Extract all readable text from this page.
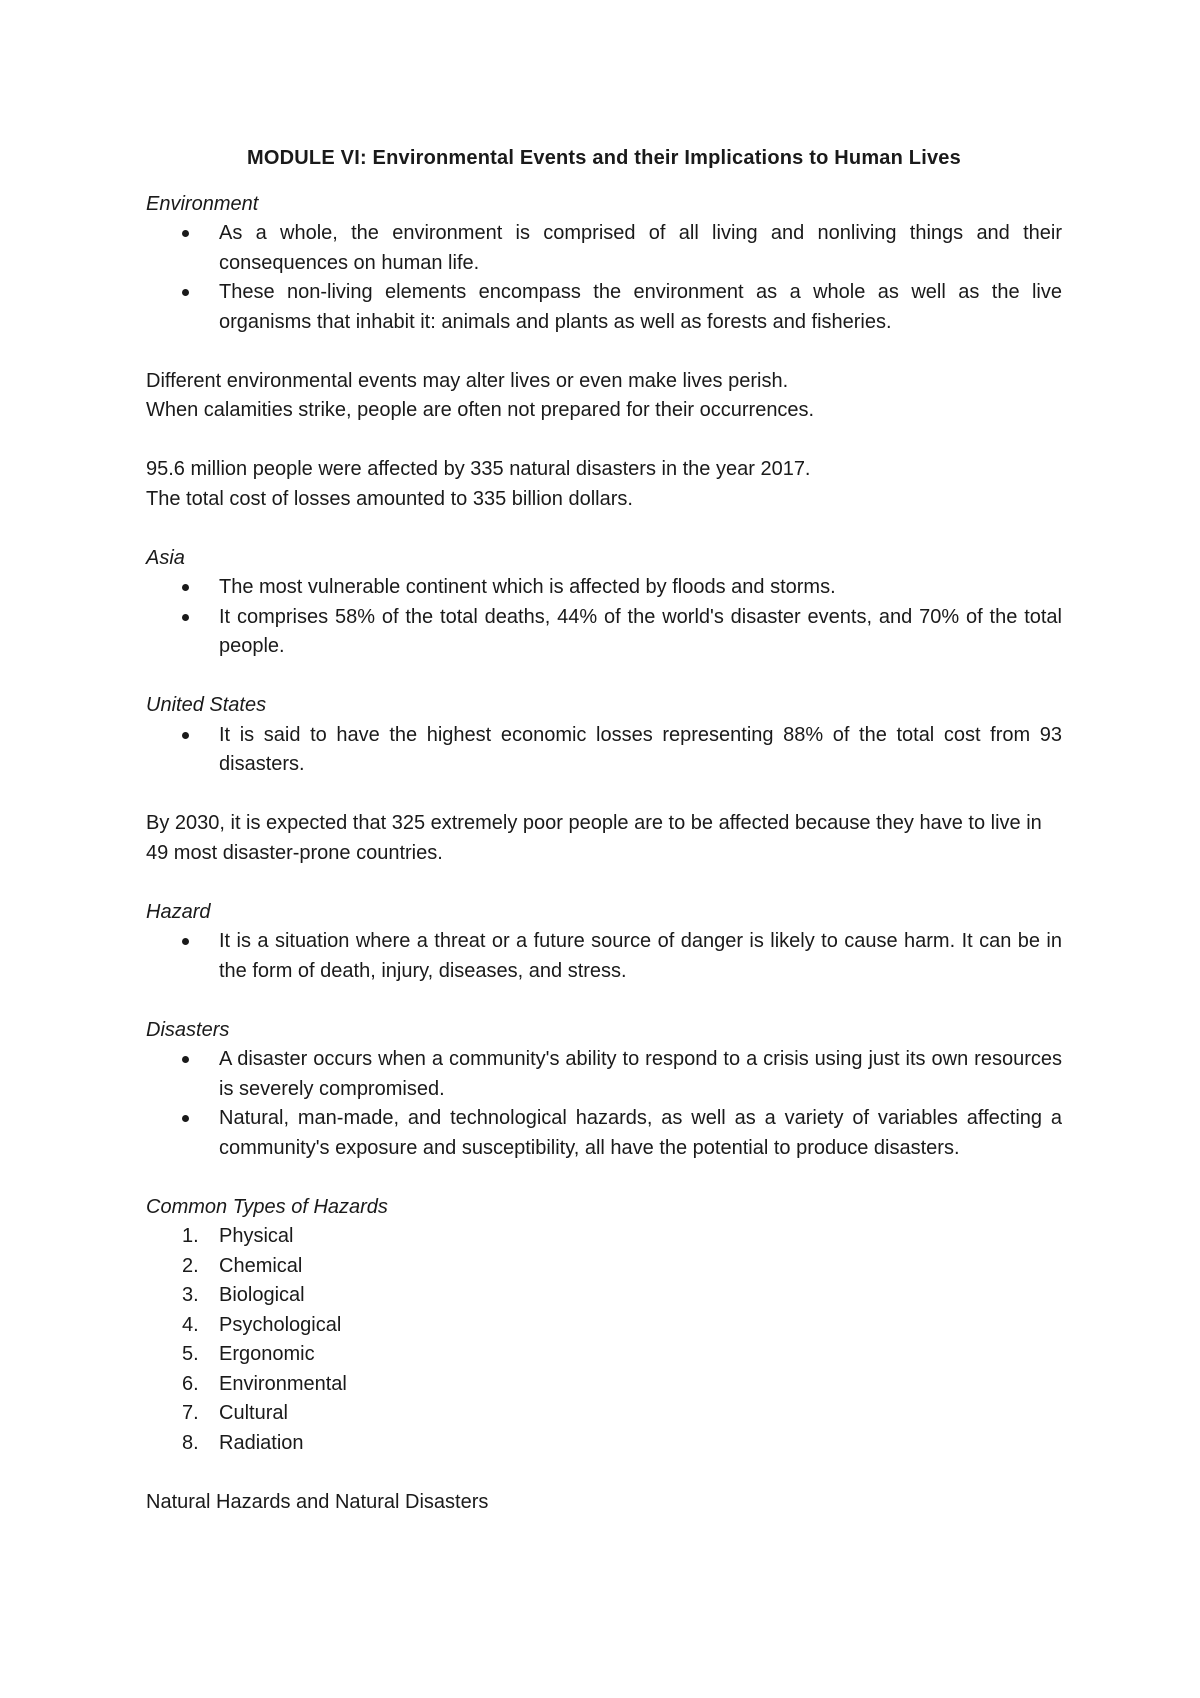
MODULE VI: Environmental Events and their Implications to Human Lives
Environment
As a whole, the environment is comprised of all living and nonliving things and their consequences on human life.
These non-living elements encompass the environment as a whole as well as the live organisms that inhabit it: animals and plants as well as forests and fisheries.

Different environmental events may alter lives or even make lives perish.

When calamities strike, people are often not prepared for their occurrences.

95.6 million people were affected by 335 natural disasters in the year 2017.

The total cost of losses amounted to 335 billion dollars.

Asia
The most vulnerable continent which is affected by floods and storms.
It comprises 58% of the total deaths, 44% of the world's disaster events, and 70% of the total people.
United States
It is said to have the highest economic losses representing 88% of the total cost from 93 disasters.

By 2030, it is expected that 325 extremely poor people are to be affected because they have to live in 49 most disaster-prone countries.

Hazard
It is a situation where a threat or a future source of danger is likely to cause harm. It can be in the form of death, injury, diseases, and stress.
Disasters
A disaster occurs when a community's ability to respond to a crisis using just its own resources is severely compromised.
Natural, man-made, and technological hazards, as well as a variety of variables affecting a community's exposure and susceptibility, all have the potential to produce disasters.
Common Types of Hazards
1. Physical
2. Chemical
3. Biological
4. Psychological
5. Ergonomic
6. Environmental
7. Cultural
8. Radiation
Natural Hazards and Natural Disasters
